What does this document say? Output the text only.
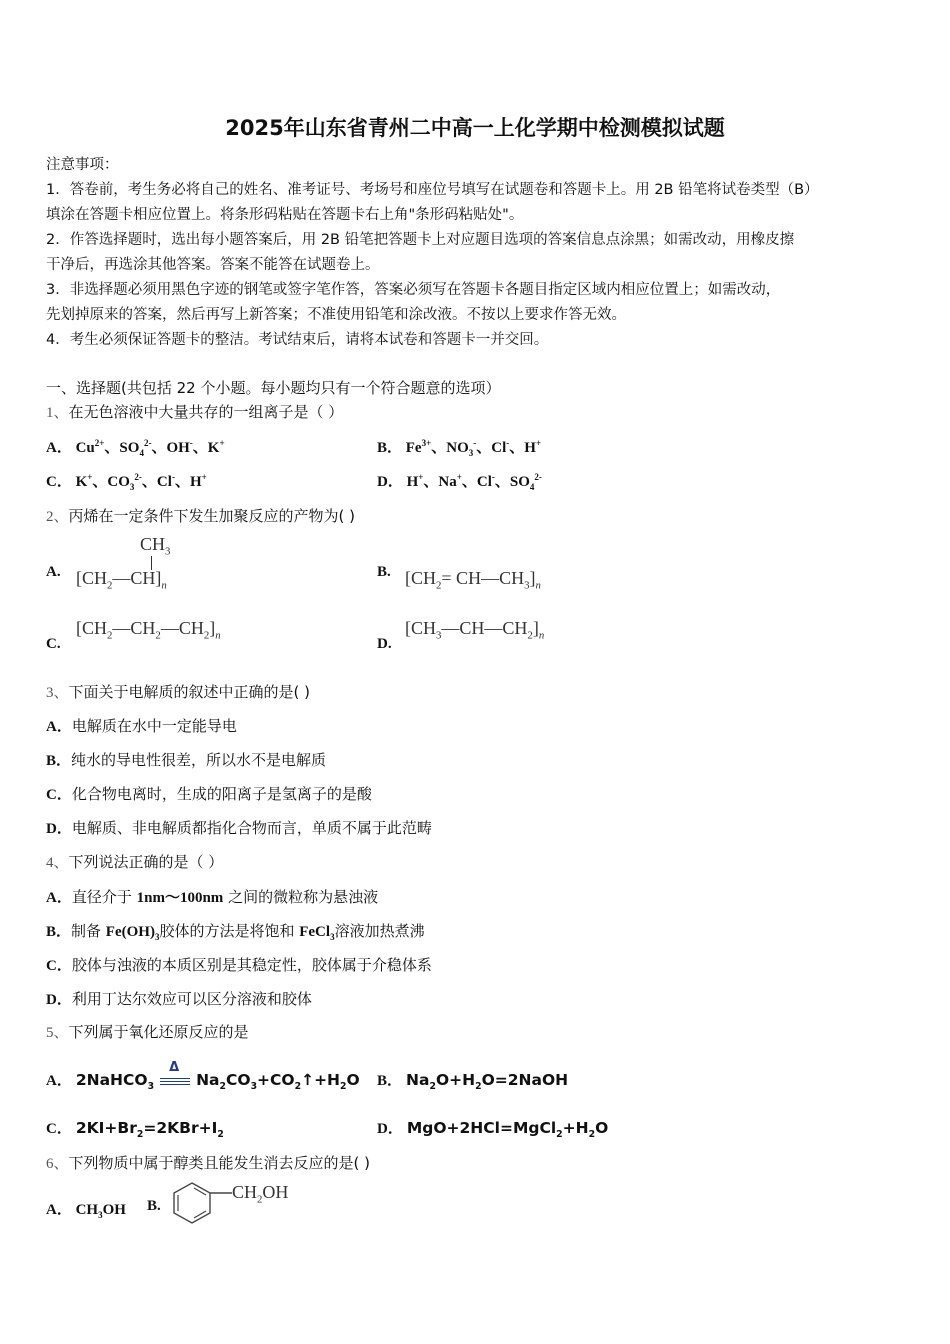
2025年山东省青州二中高一上化学期中检测模拟试题
注意事项：
1．答卷前，考生务必将自己的姓名、准考证号、考场号和座位号填写在试题卷和答题卡上。用 2B 铅笔将试卷类型（B）
填涂在答题卡相应位置上。将条形码粘贴在答题卡右上角"条形码粘贴处"。
2．作答选择题时，选出每小题答案后，用 2B 铅笔把答题卡上对应题目选项的答案信息点涂黑；如需改动，用橡皮擦
干净后，再选涂其他答案。答案不能答在试题卷上。
3．非选择题必须用黑色字迹的钢笔或签字笔作答，答案必须写在答题卡各题目指定区域内相应位置上；如需改动，
先划掉原来的答案，然后再写上新答案；不准使用铅笔和涂改液。不按以上要求作答无效。
4．考生必须保证答题卡的整洁。考试结束后，请将本试卷和答题卡一并交回。
一、选择题(共包括 22 个小题。每小题均只有一个符合题意的选项）
1、在无色溶液中大量共存的一组离子是（ ）
A． $Cu^{2+}$、$SO_4^{2-}$、OH-、K+	B． $Fe^{3+}$、$NO_3^-$、Cl-、H+
C． K+、$CO_3^{2-}$、Cl-、H+	D． H+、Na+、Cl-、$SO_4^{2-}$
2、丙烯在一定条件下发生加聚反应的产物为( )
A.
$CH_3$
$[CH_2—CH]_n$
B. [$CH_2=$ $CH—CH_3]_n$
C.
$[CH_2—CH_2—CH_2]_n$
D.
$[CH_3—CH—CH_2]_n$
3、下面关于电解质的叙述中正确的是( )
A．电解质在水中一定能导电
B．纯水的导电性很差，所以水不是电解质
C．化合物电离时，生成的阳离子是氢离子的是酸
D．电解质、非电解质都指化合物而言，单质不属于此范畴
4、下列说法正确的是（ ）
A．直径介于 1nm～100nm 之间的微粒称为悬浊液
B．制备 $Fe(OH)_3$胶体的方法是将饱和 FeCl$_3$溶液加热煮沸
C．胶体与浊液的本质区别是其稳定性，胶体属于介稳体系
D．利用丁达尔效应可以区分溶液和胶体
5、下列属于氧化还原反应的是
A． 2NaHCO$_3$
Δ
$Na_2CO_3+CO_2↑+H_2O$ B． $Na_2O+H_2O=2NaOH$
C． $2KI+Br_2=2KBr+I_2$	D． $MgO+2HCl=MgCl_2+H_2O$
6、下列物质中属于醇类且能发生消去反应的是( )
A． $CH_3OH$ B.
$CH_2OH$
